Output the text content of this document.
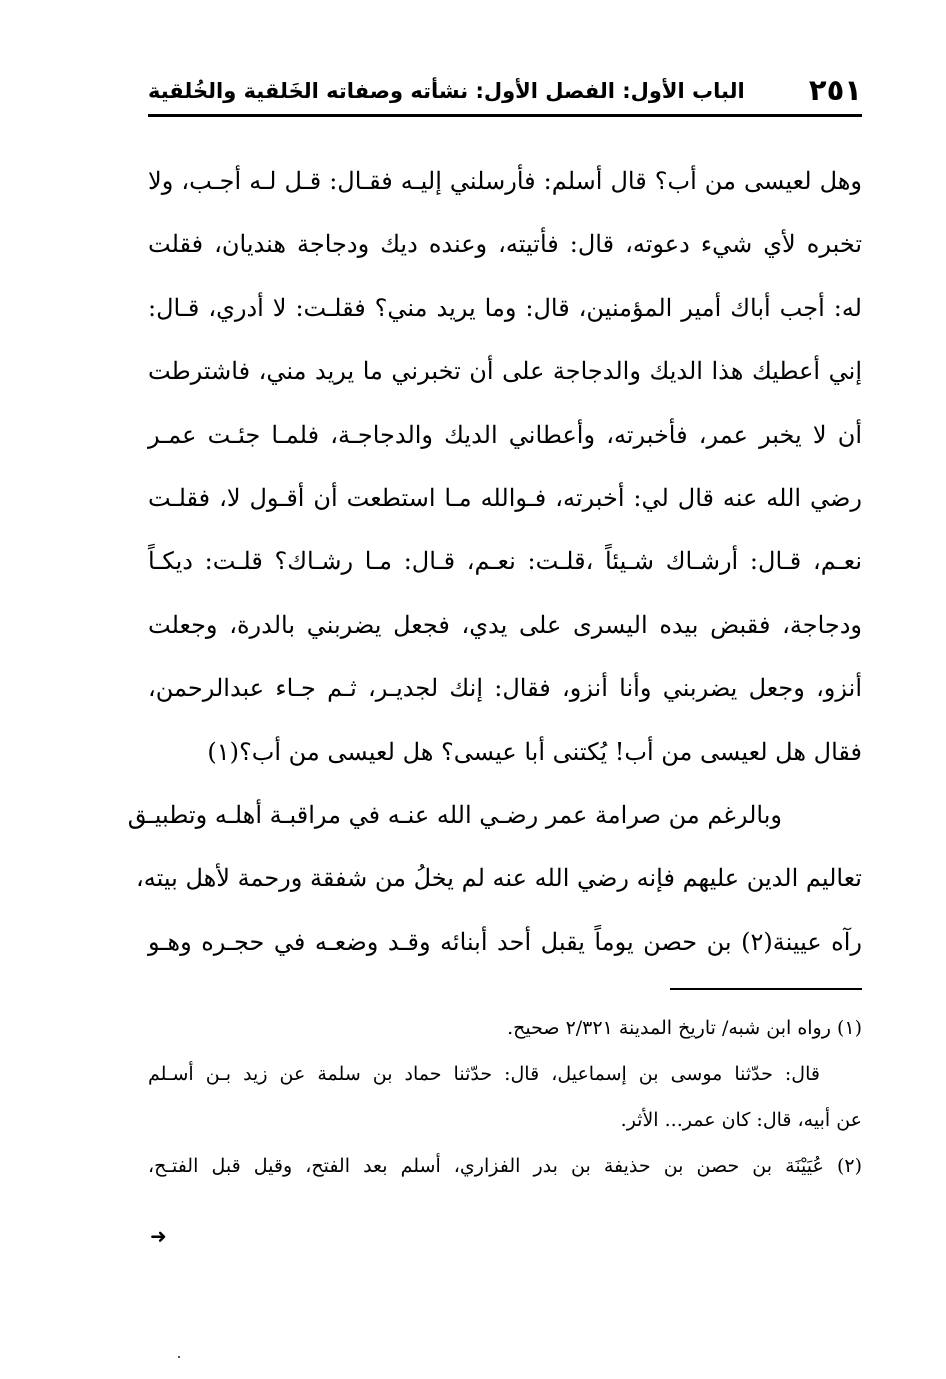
٢٥١
الباب الأول: الفصل الأول: نشأته وصفاته الخَلقية والخُلقية
وهل لعيسى من أب؟ قال أسلم: فأرسلني إليـه فقـال: قـل لـه أجـب، ولا
تخبره لأي شيء دعوته، قال: فأتيته، وعنده ديك ودجاجة هنديان، فقلت
له: أجب أباك أمير المؤمنين، قال: وما يريد مني؟ فقلـت: لا أدري، قـال:
إني أعطيك هذا الديك والدجاجة على أن تخبرني ما يريد مني، فاشترطت
أن لا يخبر عمر، فأخبرته، وأعطاني الديك والدجاجـة، فلمـا جئـت عمـر
رضي الله عنه قال لي: أخبرته، فـوالله مـا استطعت أن أقـول لا، فقلـت
نعـم، قـال: أرشـاك شـيئاً ،قلـت: نعـم، قـال: مـا رشـاك؟ قلـت: ديكـاً
ودجاجة، فقبض بيده اليسرى على يدي، فجعل يضربني بالدرة، وجعلت
أنزو، وجعل يضربني وأنا أنزو، فقال: إنك لجديـر، ثـم جـاء عبدالرحمن،
فقال هل لعيسى من أب! يُكتنى أبا عيسى؟ هل لعيسى من أب؟(١)
وبالرغم من صرامة عمر رضـي الله عنـه في مراقبـة أهلـه وتطبيـق
تعاليم الدين عليهم فإنه رضي الله عنه لم يخلُ من شفقة ورحمة لأهل بيته،
رآه عيينة(٢) بن حصن يوماً يقبل أحد أبنائه وقـد وضعـه في حجـره وهـو
(١) رواه ابن شبه/ تاريخ المدينة ٢/٣٢١ صحيح.
قال: حدّثنا موسى بن إسماعيل، قال: حدّثنا حماد بن سلمة عن زيد بـن أسـلم
عن أبيه، قال: كان عمر... الأثر.
(٢) عُيَيْنَة بن حصن بن حذيفة بن بدر الفزاري، أسلم بعد الفتح، وقيل قبل الفتـح،
➜
